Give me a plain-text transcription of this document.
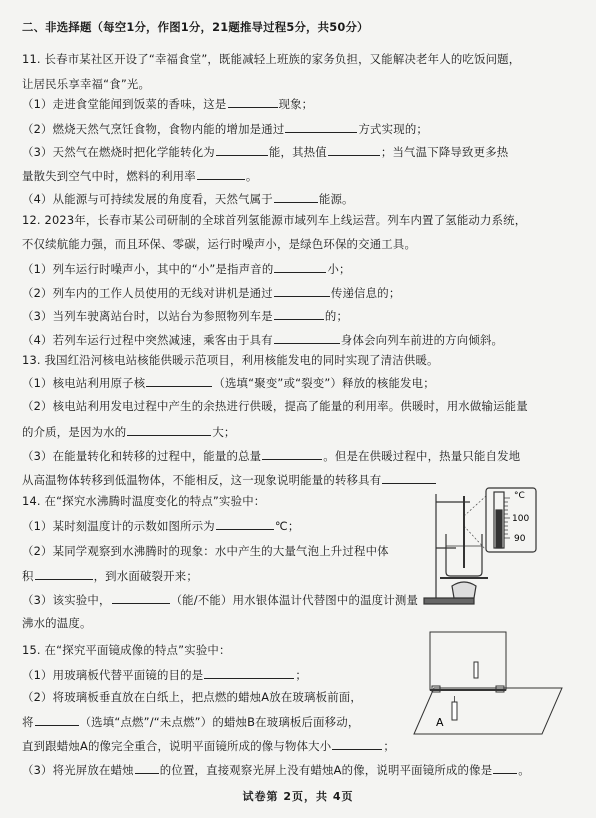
二、非选择题（每空1分，作图1分，21题推导过程5分，共50分）
11. 长春市某社区开设了“幸福食堂”，既能减轻上班族的家务负担，又能解决老年人的吃饭问题，
让居民乐享幸福“食”光。
（1）走进食堂能闻到饭菜的香味，这是	现象；
（2）燃烧天然气烹饪食物，食物内能的增加是通过	方式实现的；
（3）天然气在燃烧时把化学能转化为	能，其热值	；当气温下降导致更多热
量散失到空气中时，燃料的利用率	。
（4）从能源与可持续发展的角度看，天然气属于	能源。
12. 2023年，长春市某公司研制的全球首列氢能源市域列车上线运营。列车内置了氢能动力系统，
不仅续航能力强，而且环保、零碳，运行时噪声小，是绿色环保的交通工具。
（1）列车运行时噪声小，其中的“小”是指声音的	小；
（2）列车内的工作人员使用的无线对讲机是通过	传递信息的；
（3）当列车驶离站台时，以站台为参照物列车是	的；
（4）若列车运行过程中突然减速，乘客由于具有	身体会向列车前进的方向倾斜。
13. 我国红沿河核电站核能供暖示范项目，利用核能发电的同时实现了清洁供暖。
（1）核电站利用原子核	（选填“聚变”或“裂变”）释放的核能发电；
（2）核电站利用发电过程中产生的余热进行供暖，提高了能量的利用率。供暖时，用水做输运能量
的介质，是因为水的	大；
（3）在能量转化和转移的过程中，能量的总量	。但是在供暖过程中，热量只能自发地
从高温物体转移到低温物体，不能相反，这一现象说明能量的转移具有
14. 在“探究水沸腾时温度变化的特点”实验中：
（1）某时刻温度计的示数如图所示为	℃；
（2）某同学观察到水沸腾时的现象：水中产生的大量气泡上升过程中体
积	，到水面破裂开来；
（3）该实验中，	（能/不能）用水银体温计代替图中的温度计测量
沸水的温度。
°C
100
90
15. 在“探究平面镜成像的特点”实验中：
（1）用玻璃板代替平面镜的目的是	；
（2）将玻璃板垂直放在白纸上，把点燃的蜡烛A放在玻璃板前面，
将	（选填“点燃”/“未点燃”）的蜡烛B在玻璃板后面移动，
直到跟蜡烛A的像完全重合，说明平面镜所成的像与物体大小	；
（3）将光屏放在蜡烛 的位置，直接观察光屏上没有蜡烛A的像，说明平面镜所成的像是 。
A
试卷第 2页，共 4页
